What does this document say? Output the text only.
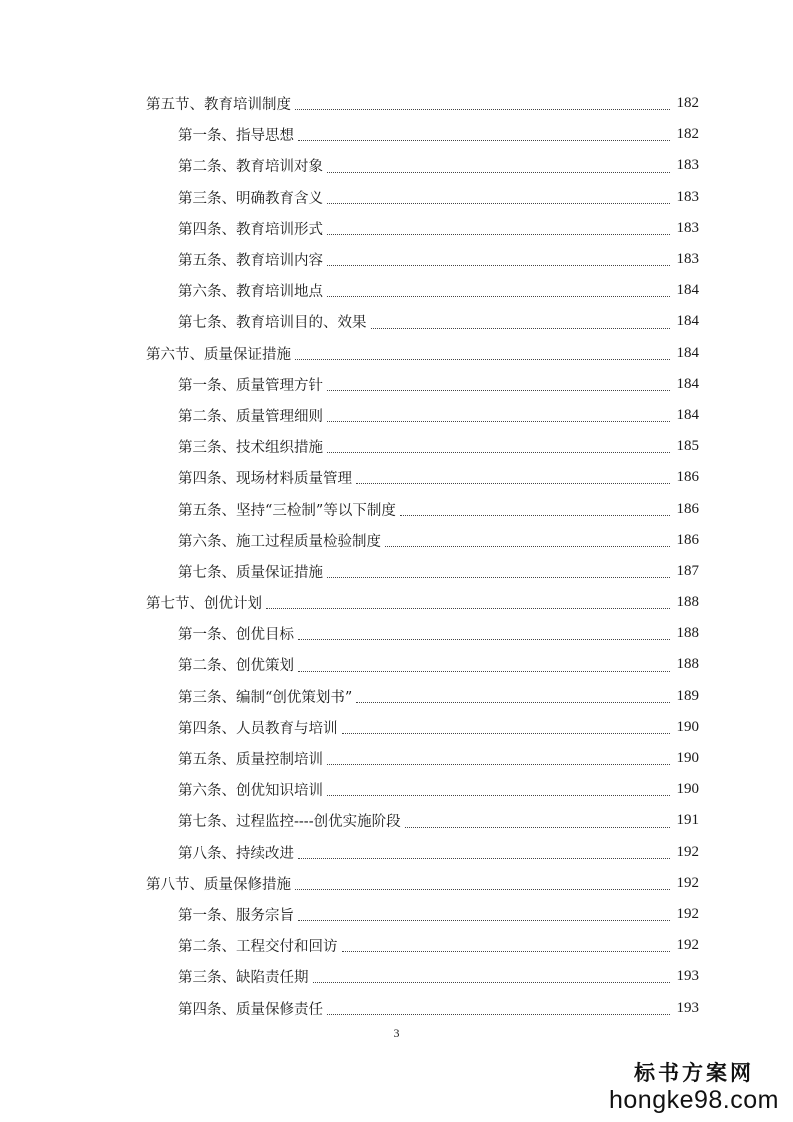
第五节、教育培训制度	182
第一条、指导思想	182
第二条、教育培训对象	183
第三条、明确教育含义	183
第四条、教育培训形式	183
第五条、教育培训内容	183
第六条、教育培训地点	184
第七条、教育培训目的、效果	184
第六节、质量保证措施	184
第一条、质量管理方针	184
第二条、质量管理细则	184
第三条、技术组织措施	185
第四条、现场材料质量管理	186
第五条、坚持“三检制”等以下制度	186
第六条、施工过程质量检验制度	186
第七条、质量保证措施	187
第七节、创优计划	188
第一条、创优目标	188
第二条、创优策划	188
第三条、编制“创优策划书”	189
第四条、人员教育与培训	190
第五条、质量控制培训	190
第六条、创优知识培训	190
第七条、过程监控----创优实施阶段	191
第八条、持续改进	192
第八节、质量保修措施	192
第一条、服务宗旨	192
第二条、工程交付和回访	192
第三条、缺陷责任期	193
第四条、质量保修责任	193
3
标书方案网
hongke98.com
